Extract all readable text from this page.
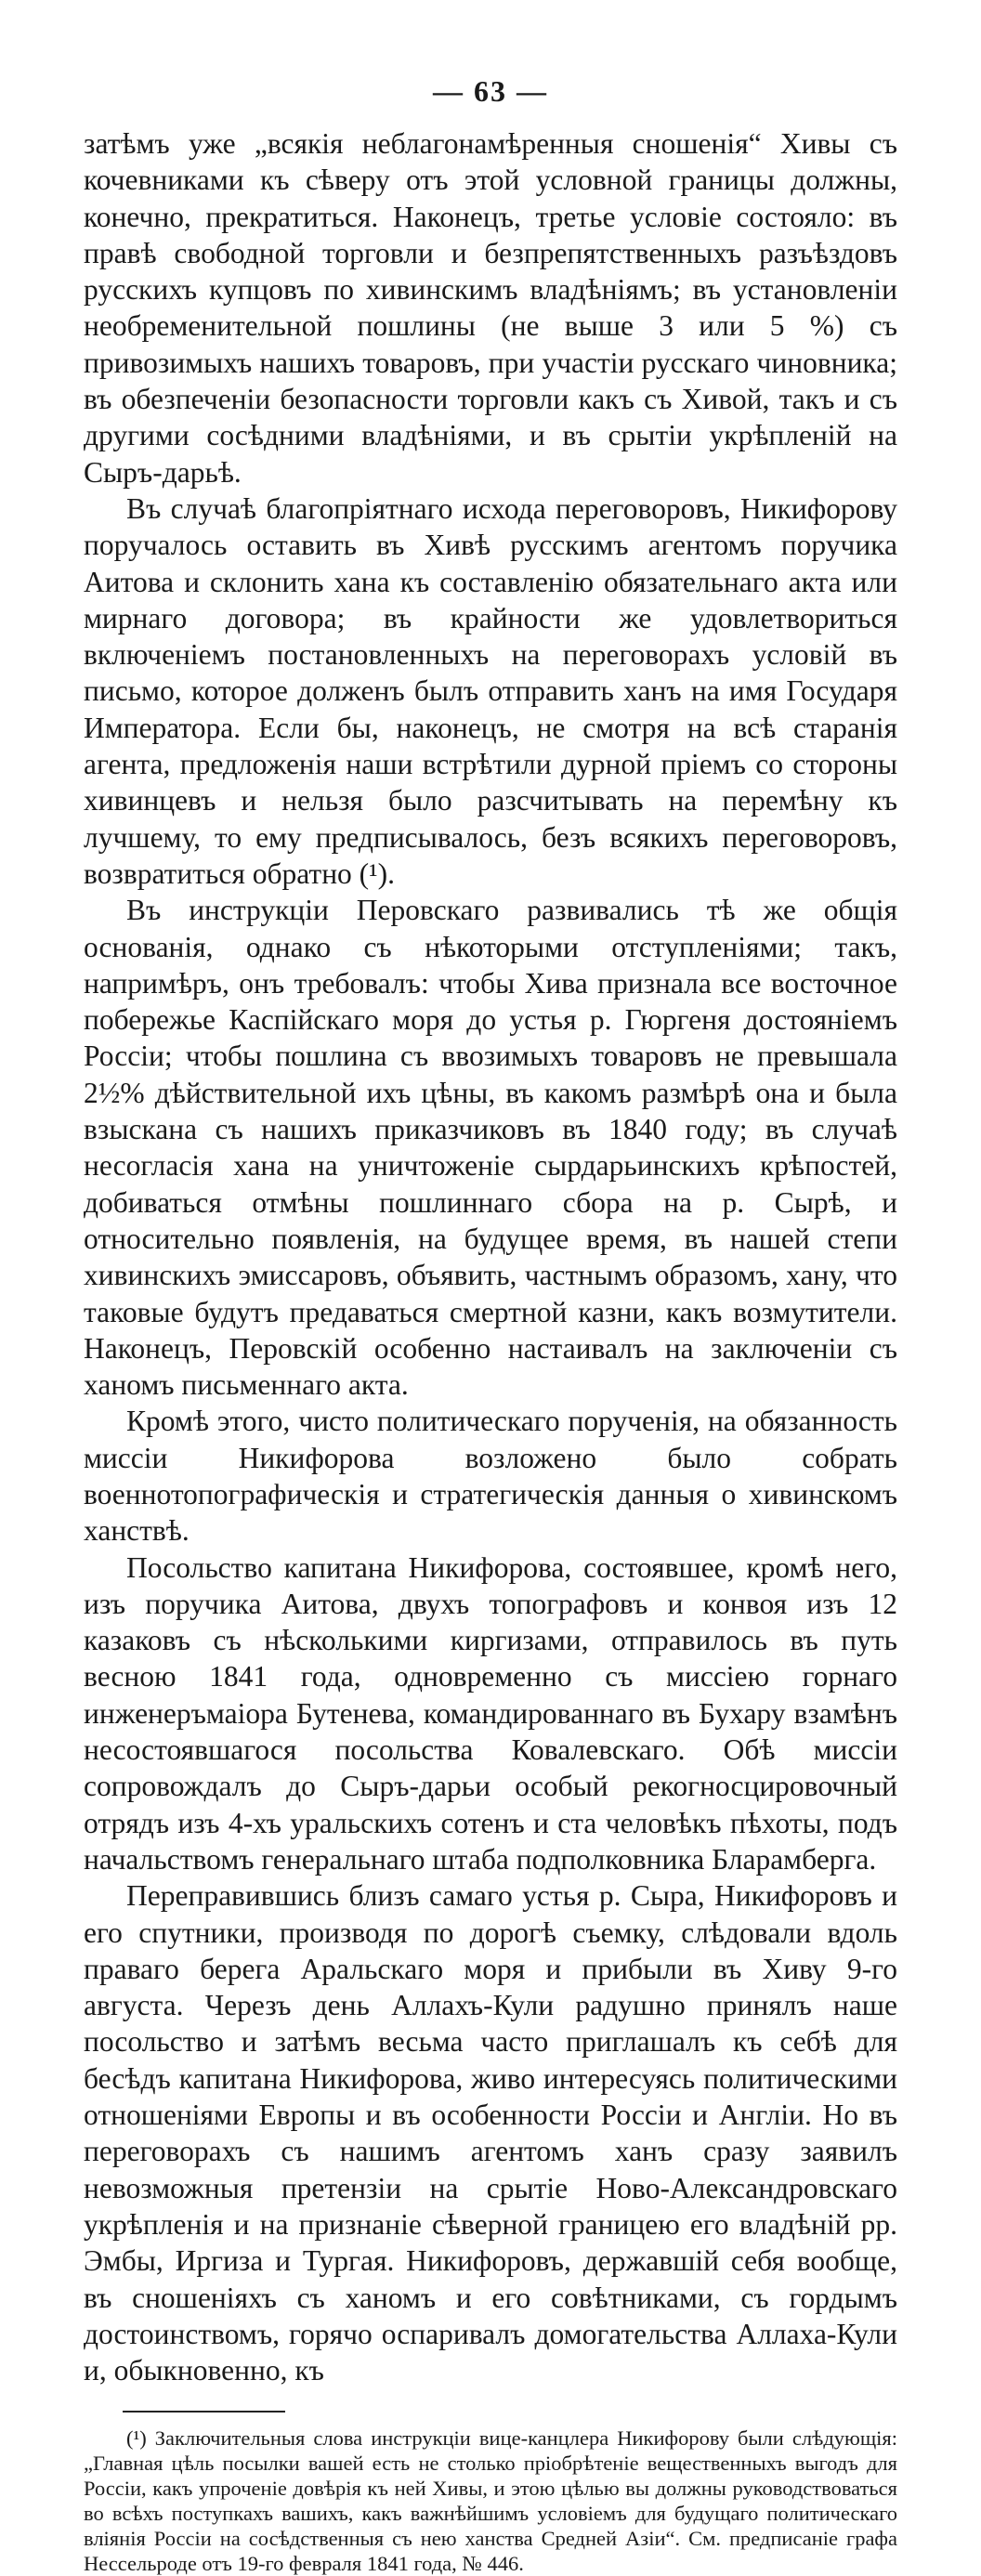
— 63 —

затѣмъ уже „всякія неблагонамѣренныя сношенія“ Хивы съ кочевниками къ сѣверу отъ этой условной границы должны, конечно, прекратиться. Наконецъ, третье условіе состояло: въ правѣ свободной торговли и безпрепятственныхъ разъѣздовъ русскихъ купцовъ по хивинскимъ владѣніямъ; въ установленіи необременительной пошлины (не выше 3 или 5 %) съ привозимыхъ нашихъ товаровъ, при участіи русскаго чиновника; въ обезпеченіи безопасности торговли какъ съ Хивой, такъ и съ другими сосѣдними владѣніями, и въ срытіи укрѣпленій на Сыръ-дарьѣ.

Въ случаѣ благопріятнаго исхода переговоровъ, Никифорову поручалось оставить въ Хивѣ русскимъ агентомъ поручика Аитова и склонить хана къ составленію обязательнаго акта или мирнаго договора; въ крайности же удовлетвориться включеніемъ постановленныхъ на переговорахъ условій въ письмо, которое долженъ былъ отправить ханъ на имя Государя Императора. Если бы, наконецъ, не смотря на всѣ старанія агента, предложенія наши встрѣтили дурной пріемъ со стороны хивинцевъ и нельзя было разсчитывать на перемѣну къ лучшему, то ему предписывалось, безъ всякихъ переговоровъ, возвратиться обратно (¹).

Въ инструкціи Перовскаго развивались тѣ же общія основанія, однако съ нѣкоторыми отступленіями; такъ, напримѣръ, онъ требовалъ: чтобы Хива признала все восточное побережье Каспійскаго моря до устья р. Гюргеня достояніемъ Россіи; чтобы пошлина съ ввозимыхъ товаровъ не превышала 2½% дѣйствительной ихъ цѣны, въ какомъ размѣрѣ она и была взыскана съ нашихъ приказчиковъ въ 1840 году; въ случаѣ несогласія хана на уничтоженіе сырдарьинскихъ крѣпостей, добиваться отмѣны пошлиннаго сбора на р. Сырѣ, и относительно появленія, на будущее время, въ нашей степи хивинскихъ эмиссаровъ, объявить, частнымъ образомъ, хану, что таковые будутъ предаваться смертной казни, какъ возмутители. Наконецъ, Перовскій особенно настаивалъ на заключеніи съ ханомъ письменнаго акта.

Кромѣ этого, чисто политическаго порученія, на обязанность миссіи Никифорова возложено было собрать военнотопографическія и стратегическія данныя о хивинскомъ ханствѣ.

Посольство капитана Никифорова, состоявшее, кромѣ него, изъ поручика Аитова, двухъ топографовъ и конвоя изъ 12 казаковъ съ нѣсколькими киргизами, отправилось въ путь весною 1841 года, одновременно съ миссіею горнаго инженеръмаіора Бутенева, командированнаго въ Бухару взамѣнъ несостоявшагося посольства Ковалевскаго. Обѣ миссіи сопровождалъ до Сыръ-дарьи особый рекогносцировочный отрядъ изъ 4-хъ уральскихъ сотенъ и ста человѣкъ пѣхоты, подъ начальствомъ генеральнаго штаба подполковника Бларамберга.

Переправившись близъ самаго устья р. Сыра, Никифоровъ и его спутники, производя по дорогѣ съемку, слѣдовали вдоль праваго берега Аральскаго моря и прибыли въ Хиву 9-го августа. Черезъ день Аллахъ-Кули радушно принялъ наше посольство и затѣмъ весьма часто приглашалъ къ себѣ для бесѣдъ капитана Никифорова, живо интересуясь политическими отношеніями Европы и въ особенности Россіи и Англіи. Но въ переговорахъ съ нашимъ агентомъ ханъ сразу заявилъ невозможныя претензіи на срытіе Ново-Александровскаго укрѣпленія и на признаніе сѣверной границею его владѣній рр. Эмбы, Иргиза и Тургая. Никифоровъ, державшій себя вообще, въ сношеніяхъ съ ханомъ и его совѣтниками, съ гордымъ достоинствомъ, горячо оспаривалъ домогательства Аллаха-Кули и, обыкновенно, къ

(¹) Заключительныя слова инструкціи вице-канцлера Никифорову были слѣдующія: „Главная цѣль посылки вашей есть не столько пріобрѣтеніе вещественныхъ выгодъ для Россіи, какъ упроченіе довѣрія къ ней Хивы, и этою цѣлью вы должны руководствоваться во всѣхъ поступкахъ вашихъ, какъ важнѣйшимъ условіемъ для будущаго политическаго вліянія Россіи на сосѣдственныя съ нею ханства Средней Азіи“. См. предписаніе графа Нессельроде отъ 19-го февраля 1841 года, № 446.
